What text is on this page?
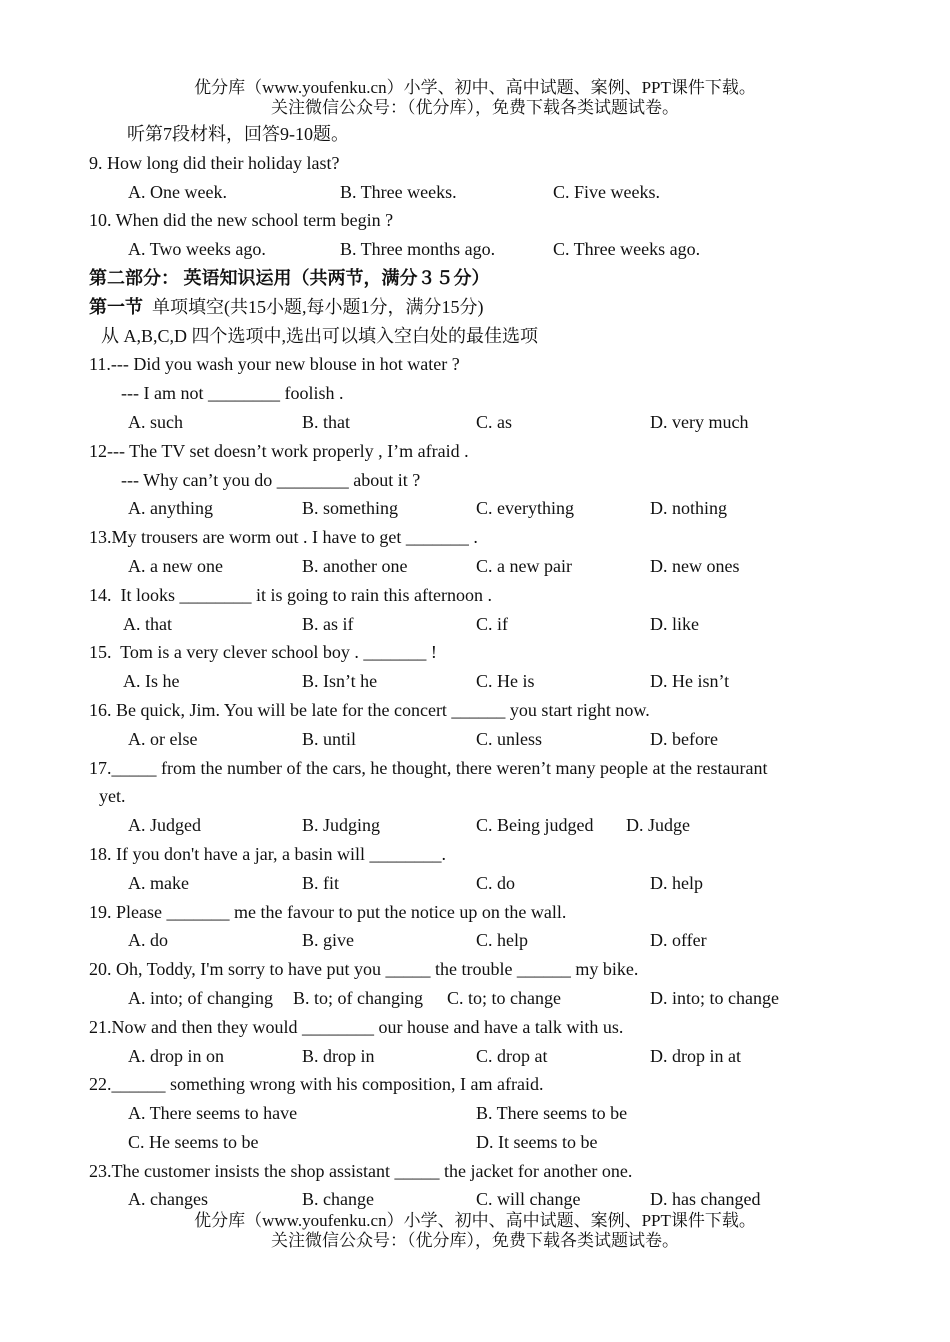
优分库（www.youfenku.cn）小学、初中、高中试题、案例、PPT课件下载。
关注微信公众号：（优分库），免费下载各类试题试卷。
听第7段材料，回答9-10题。
9. How long did their holiday last?
A. One week.	B. Three weeks.	C. Five weeks.
10. When did the new school term begin ?
A. Two weeks ago.	B. Three months ago.	C. Three weeks ago.
第二部分： 英语知识运用（共两节，满分３５分）
第一节  单项填空(共15小题,每小题1分，满分15分)
从 A,B,C,D 四个选项中,选出可以填入空白处的最佳选项
11.--- Did you wash your new blouse in hot water ?
--- I am not ________ foolish .
A. such	B. that	C. as	D. very much
12--- The TV set doesn’t work properly , I’m afraid .
--- Why can’t you do ________ about it ?
A. anything	B. something	C. everything	D. nothing
13.My trousers are worm out . I have to get _______ .
A. a new one	B. another one	C. a new pair	D. new ones
14.  It looks ________ it is going to rain this afternoon .
A. that	B. as if	C. if	D. like
15.  Tom is a very clever school boy . _______ !
A. Is he	B. Isn’t he	C. He is	D. He isn’t
16. Be quick, Jim. You will be late for the concert ______ you start right now.
A. or else	B. until	C. unless	D. before
17._____ from the number of the cars, he thought, there weren’t many people at the restaurant
yet.
A. Judged	B. Judging	C. Being judged D. Judge
18. If you don't have a jar, a basin will ________.
A. make	B. fit	C. do	D. help
19. Please _______ me the favour to put the notice up on the wall.
A. do	B. give	C. help	D. offer
20. Oh, Toddy, I'm sorry to have put you _____ the trouble ______ my bike.
A. into; of changing B. to; of changing C. to; to change	D. into; to change
21.Now and then they would ________ our house and have a talk with us.
A. drop in on	B. drop in	C. drop at	D. drop in at
22.______ something wrong with his composition, I am afraid.
A. There seems to have	B. There seems to be
C. He seems to be	D. It seems to be
23.The customer insists the shop assistant _____ the jacket for another one.
A. changes	B. change	C. will change	D. has changed
优分库（www.youfenku.cn）小学、初中、高中试题、案例、PPT课件下载。
关注微信公众号：（优分库），免费下载各类试题试卷。
